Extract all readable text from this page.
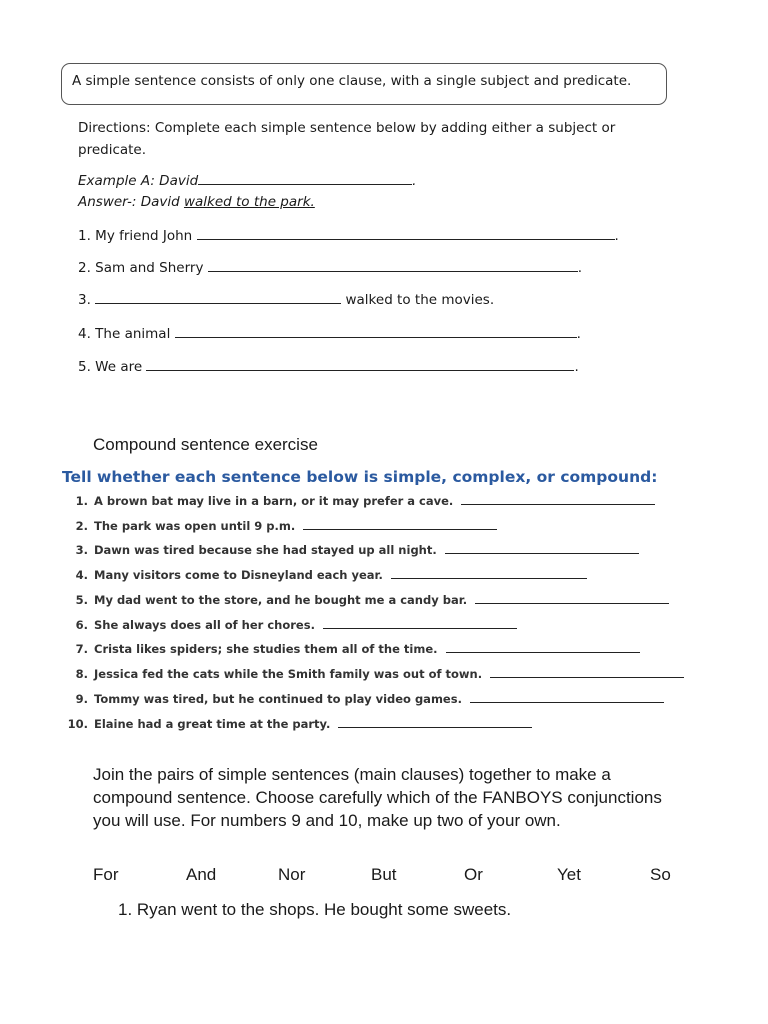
A simple sentence consists of only one clause, with a single subject and predicate.
Directions: Complete each simple sentence below by adding either a subject or
predicate.
Example A: David	.
Answer-: David walked to the park.
1. My friend John	.
2. Sam and Sherry	.
3.	walked to the movies.
4. The animal	.
5. We are	.
Compound sentence exercise
Tell whether each sentence below is simple, complex, or compound:
1. A brown bat may live in a barn, or it may prefer a cave.
2. The park was open until 9 p.m.
3. Dawn was tired because she had stayed up all night.
4. Many visitors come to Disneyland each year.
5. My dad went to the store, and he bought me a candy bar.
6. She always does all of her chores.
7. Crista likes spiders; she studies them all of the time.
8. Jessica fed the cats while the Smith family was out of town.
9. Tommy was tired, but he continued to play video games.
10. Elaine had a great time at the party.
Join the pairs of simple sentences (main clauses) together to make a compound sentence. Choose carefully which of the FANBOYS conjunctions you will use. For numbers 9 and 10, make up two of your own.
For	And	Nor	But	Or	Yet	So
1. Ryan went to the shops. He bought some sweets.
